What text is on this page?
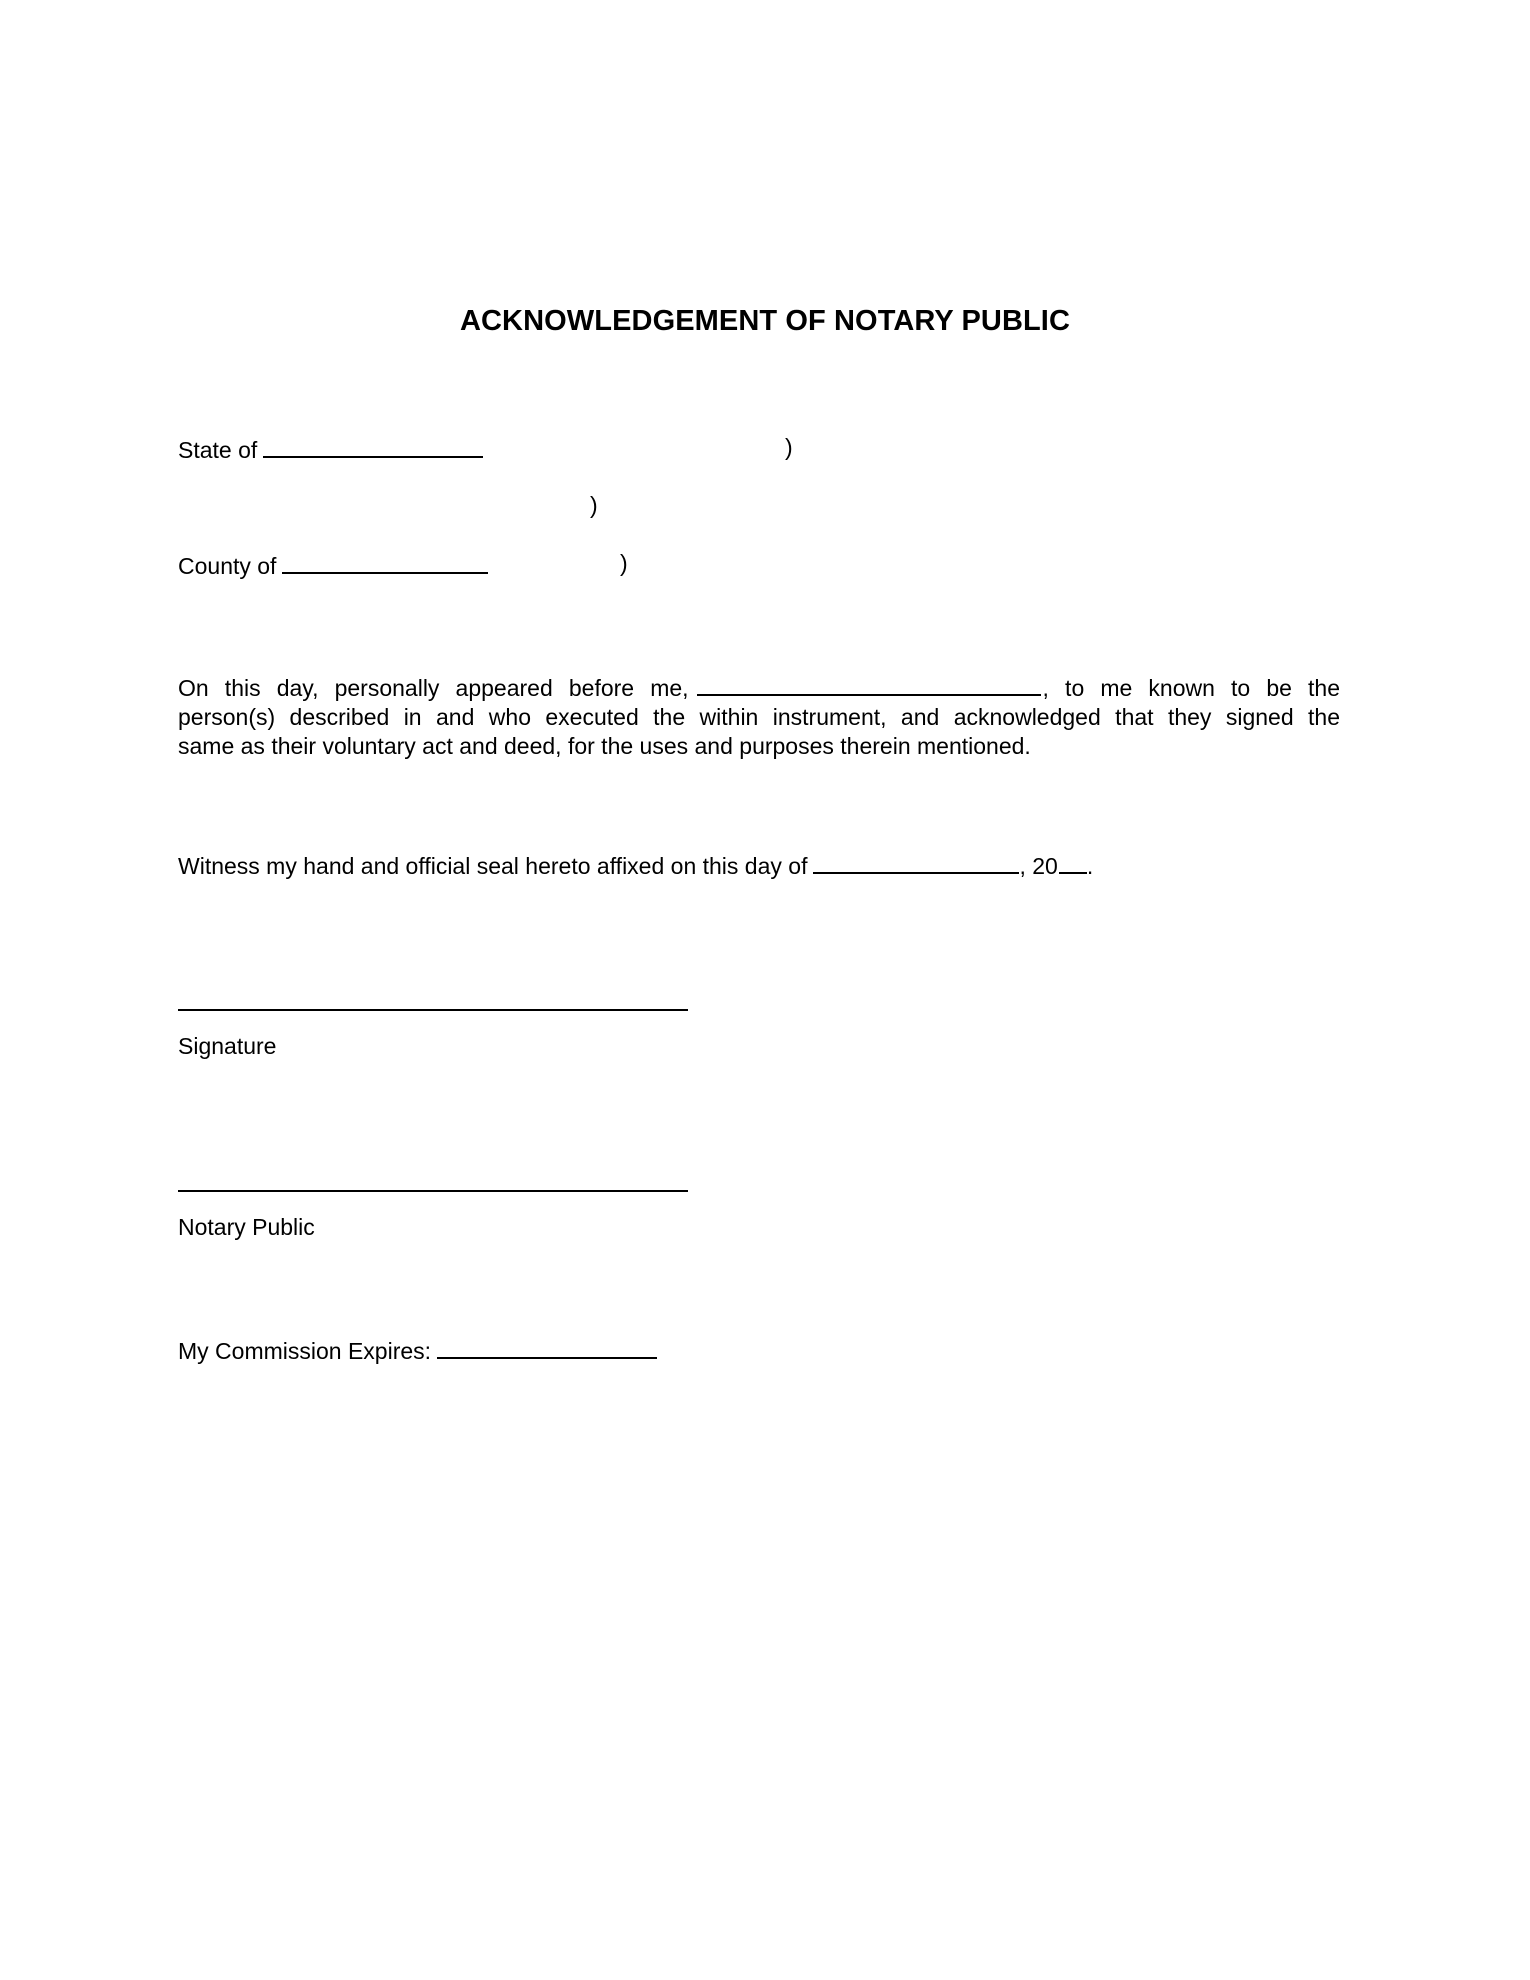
ACKNOWLEDGEMENT OF NOTARY PUBLIC
State of	)
)
County of	)
On this day, personally appeared before me,	, to me known to be the
person(s) described in and who executed the within instrument, and acknowledged that they signed the
same as their voluntary act and deed, for the uses and purposes therein mentioned.
Witness my hand and official seal hereto affixed on this day of	, 20 .
Signature
Notary Public
My Commission Expires:
